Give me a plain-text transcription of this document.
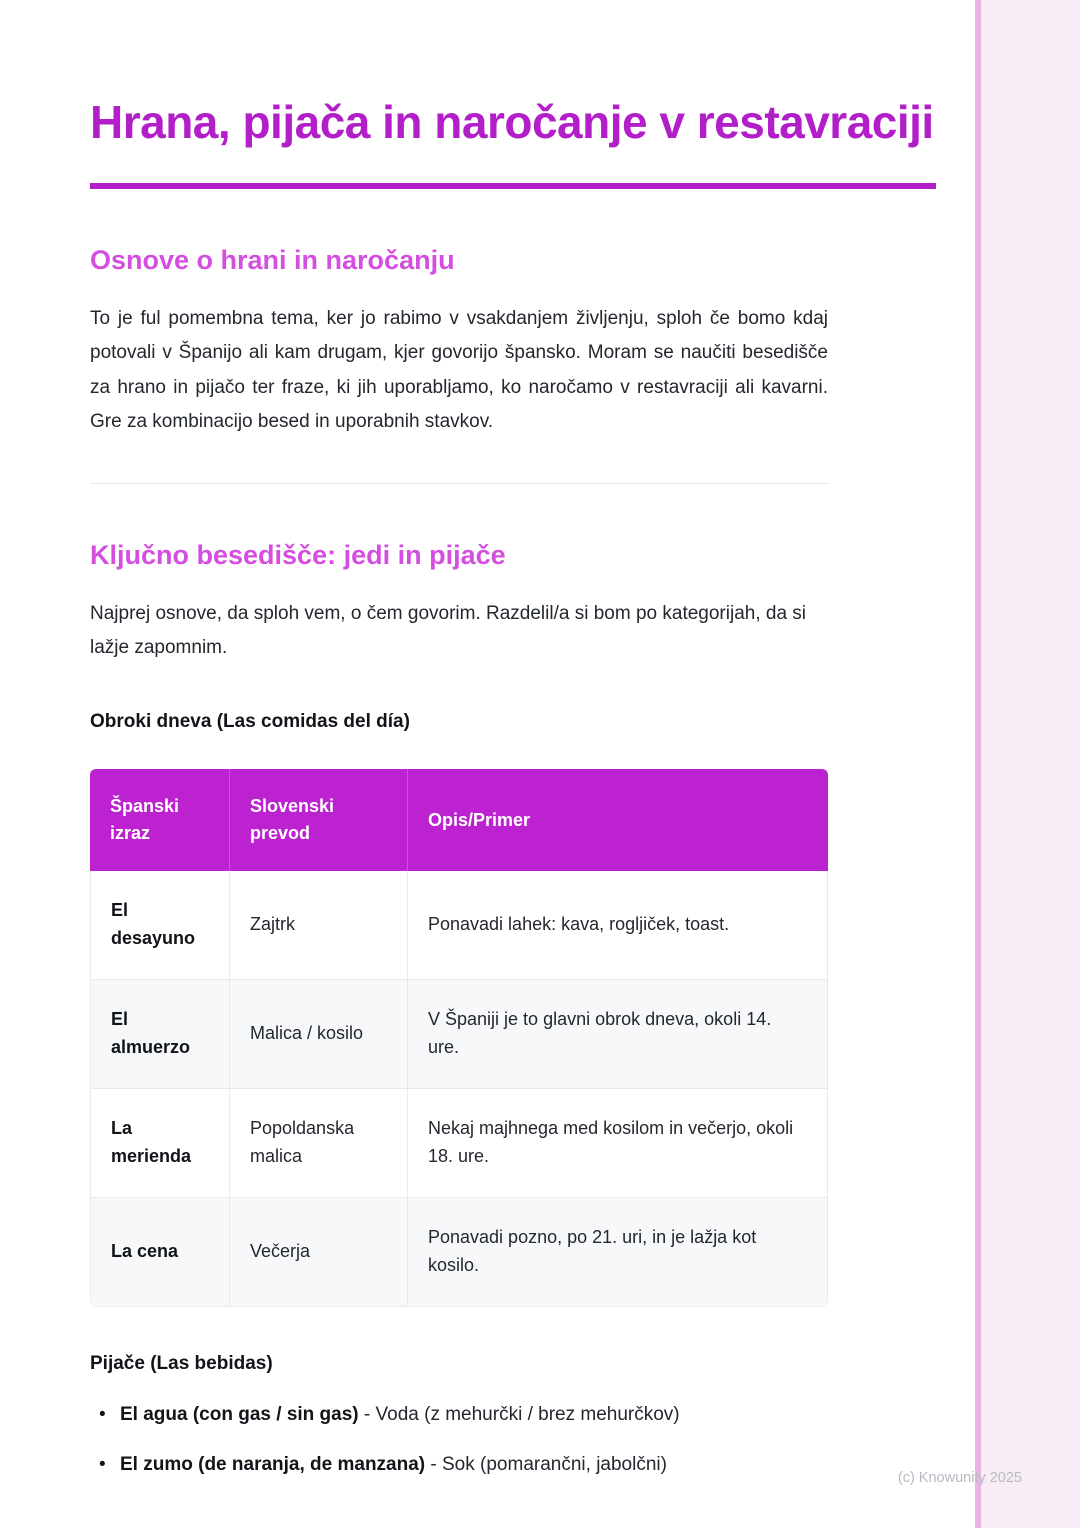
Hrana, pijača in naročanje v restavraciji
Osnove o hrani in naročanju

To je ful pomembna tema, ker jo rabimo v vsakdanjem življenju, sploh če bomo kdaj potovali v Španijo ali kam drugam, kjer govorijo špansko. Moram se naučiti besedišče za hrano in pijačo ter fraze, ki jih uporabljamo, ko naročamo v restavraciji ali kavarni. Gre za kombinacijo besed in uporabnih stavkov.

Ključno besedišče: jedi in pijače

Najprej osnove, da sploh vem, o čem govorim. Razdelil/a si bom po kategorijah, da si lažje zapomnim.

Obroki dneva (Las comidas del día)
Španski izraz	Slovenski prevod	Opis/Primer
El desayuno	Zajtrk	Ponavadi lahek: kava, rogljiček, toast.
El almuerzo	Malica / kosilo	V Španiji je to glavni obrok dneva, okoli 14. ure.
La merienda	Popoldanska malica	Nekaj majhnega med kosilom in večerjo, okoli 18. ure.
La cena	Večerja	Ponavadi pozno, po 21. uri, in je lažja kot kosilo.
Pijače (Las bebidas)
• El agua (con gas / sin gas) - Voda (z mehurčki / brez mehurčkov)
• El zumo (de naranja, de manzana) - Sok (pomarančni, jabolčni)
(c) Knowunity 2025
